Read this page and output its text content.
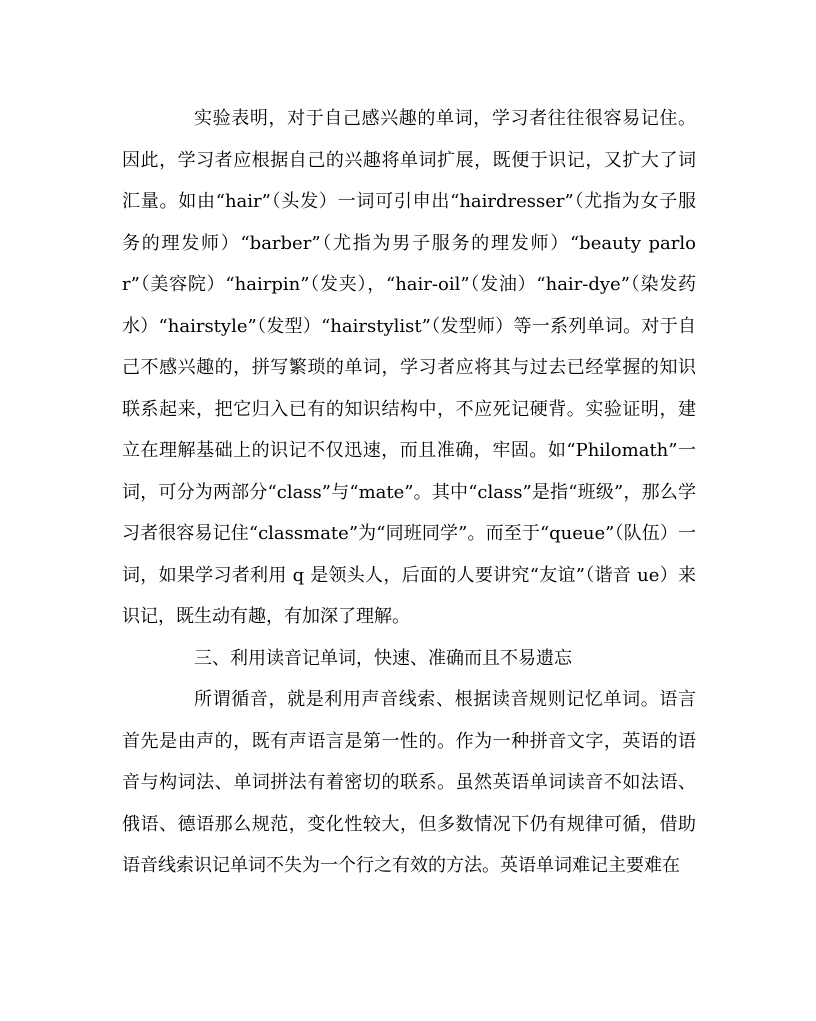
实验表明，对于自己感兴趣的单词，学习者往往很容易记住。因此，学习者应根据自己的兴趣将单词扩展，既便于识记，又扩大了词汇量。如由“hair”（头发）一词可引申出“hairdresser”（尤指为女子服务的理发师）“barber”（尤指为男子服务的理发师）“beauty parlor”（美容院）“hairpin”（发夹），“hair-oil”（发油）“hair-dye”（染发药水）“hairstyle”（发型）“hairstylist”（发型师）等一系列单词。对于自己不感兴趣的，拼写繁琐的单词，学习者应将其与过去已经掌握的知识联系起来，把它归入已有的知识结构中，不应死记硬背。实验证明，建立在理解基础上的识记不仅迅速，而且准确，牢固。如“Philomath”一词，可分为两部分“class”与“mate”。其中“class”是指“班级”，那么学习者很容易记住“classmate”为“同班同学”。而至于“queue”（队伍）一词，如果学习者利用 q 是领头人，后面的人要讲究“友谊”（谐音 ue）来识记，既生动有趣，有加深了理解。

三、利用读音记单词，快速、准确而且不易遗忘

所谓循音，就是利用声音线索、根据读音规则记忆单词。语言首先是由声的，既有声语言是第一性的。作为一种拼音文字，英语的语音与构词法、单词拼法有着密切的联系。虽然英语单词读音不如法语、俄语、德语那么规范，变化性较大，但多数情况下仍有规律可循，借助语音线索识记单词不失为一个行之有效的方法。英语单词难记主要难在
